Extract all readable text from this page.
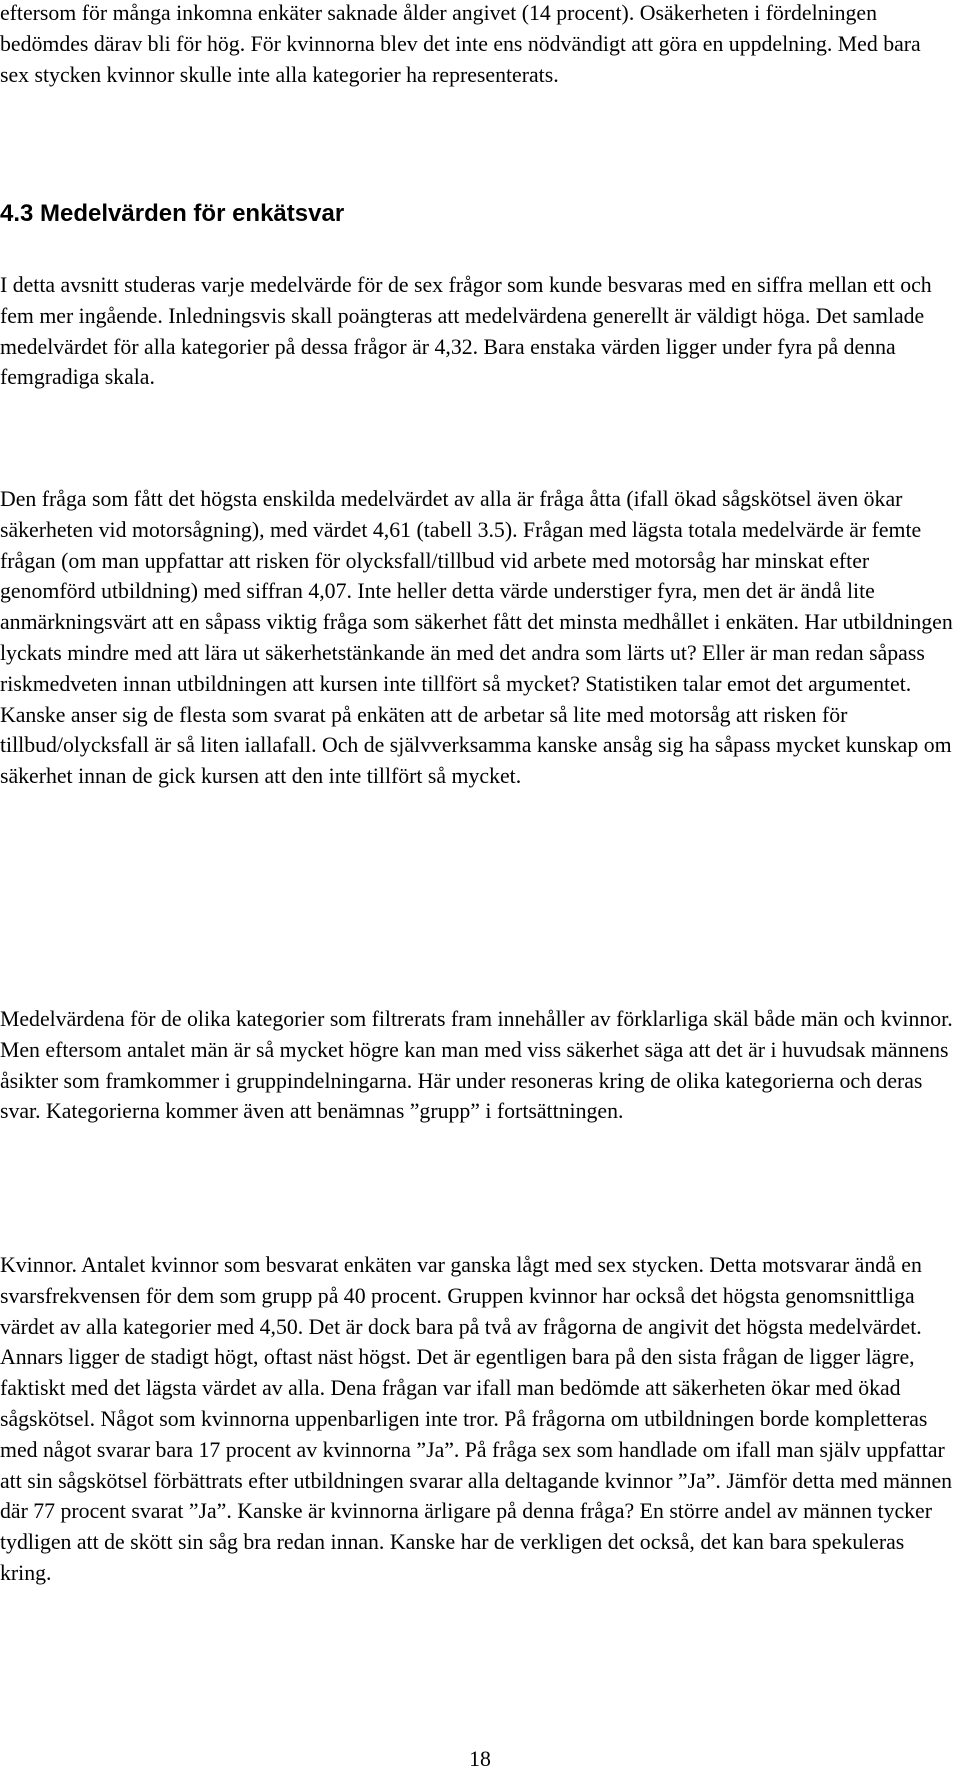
eftersom för många inkomna enkäter saknade ålder angivet (14 procent). Osäkerheten i fördelningen bedömdes därav bli för hög. För kvinnorna blev det inte ens nödvändigt att göra en uppdelning. Med bara sex stycken kvinnor skulle inte alla kategorier ha representerats.

4.3 Medelvärden för enkätsvar

I detta avsnitt studeras varje medelvärde för de sex frågor som kunde besvaras med en siffra mellan ett och fem mer ingående. Inledningsvis skall poängteras att medelvärdena generellt är väldigt höga. Det samlade medelvärdet för alla kategorier på dessa frågor är 4,32. Bara enstaka värden ligger under fyra på denna femgradiga skala.

Den fråga som fått det högsta enskilda medelvärdet av alla är fråga åtta (ifall ökad sågskötsel även ökar säkerheten vid motorsågning), med värdet 4,61 (tabell 3.5). Frågan med lägsta totala medelvärde är femte frågan (om man uppfattar att risken för olycksfall/tillbud vid arbete med motorsåg har minskat efter genomförd utbildning) med siffran 4,07. Inte heller detta värde understiger fyra, men det är ändå lite anmärkningsvärt att en såpass viktig fråga som säkerhet fått det minsta medhållet i enkäten. Har utbildningen lyckats mindre med att lära ut säkerhetstänkande än med det andra som lärts ut? Eller är man redan såpass riskmedveten innan utbildningen att kursen inte tillfört så mycket? Statistiken talar emot det argumentet. Kanske anser sig de flesta som svarat på enkäten att de arbetar så lite med motorsåg att risken för tillbud/olycksfall är så liten iallafall. Och de självverksamma kanske ansåg sig ha såpass mycket kunskap om säkerhet innan de gick kursen att den inte tillfört så mycket.

Medelvärdena för de olika kategorier som filtrerats fram innehåller av förklarliga skäl både män och kvinnor. Men eftersom antalet män är så mycket högre kan man med viss säkerhet säga att det är i huvudsak männens åsikter som framkommer i gruppindelningarna. Här under resoneras kring de olika kategorierna och deras svar. Kategorierna kommer även att benämnas ”grupp” i fortsättningen.

Kvinnor. Antalet kvinnor som besvarat enkäten var ganska lågt med sex stycken. Detta motsvarar ändå en svarsfrekvensen för dem som grupp på 40 procent. Gruppen kvinnor har också det högsta genomsnittliga värdet av alla kategorier med 4,50. Det är dock bara på två av frågorna de angivit det högsta medelvärdet. Annars ligger de stadigt högt, oftast näst högst. Det är egentligen bara på den sista frågan de ligger lägre, faktiskt med det lägsta värdet av alla. Dena frågan var ifall man bedömde att säkerheten ökar med ökad sågskötsel. Något som kvinnorna uppenbarligen inte tror. På frågorna om utbildningen borde kompletteras med något svarar bara 17 procent av kvinnorna ”Ja”. På fråga sex som handlade om ifall man själv uppfattar att sin sågskötsel förbättrats efter utbildningen svarar alla deltagande kvinnor ”Ja”. Jämför detta med männen där 77 procent svarat ”Ja”. Kanske är kvinnorna ärligare på denna fråga? En större andel av männen tycker tydligen att de skött sin såg bra redan innan. Kanske har de verkligen det också, det kan bara spekuleras kring.

18
